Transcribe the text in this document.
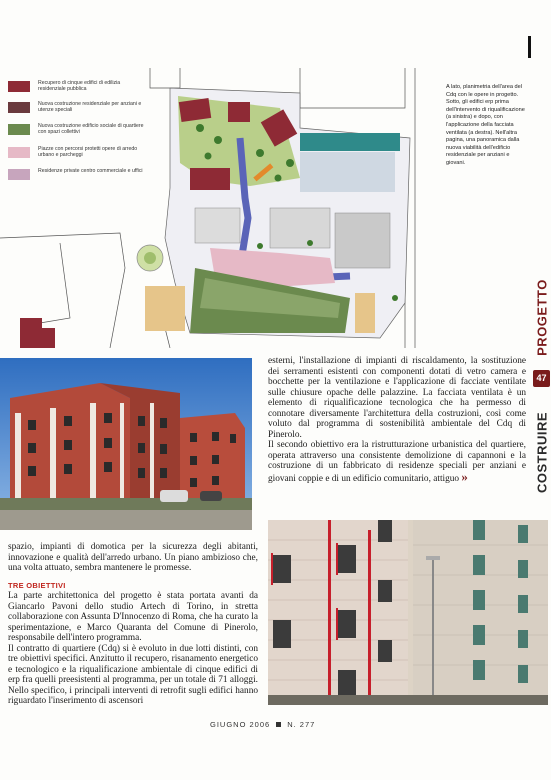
Recupero di cinque edifici di edilizia residenziale pubblica
Nuova costruzione residenziale per anziani e utenze speciali
Nuova costruzione edificio sociale di quartiere con spazi collettivi
Piazze con percorsi protetti opere di arredo urbano e parcheggi
Residenze private centro commerciale e uffici
A lato, planimetria dell'area del Cdq con le opere in progetto. Sotto, gli edifici erp prima dell'intervento di riqualificazione (a sinistra) e dopo, con l'applicazione della facciata ventilata (a destra). Nell'altra pagina, una panoramica dalla nuova viabilità dell'edificio residenziale per anziani e giovani.
PROGETTO
47
COSTRUIRE
esterni, l'installazione di impianti di riscaldamento, la sostituzione dei serramenti esistenti con componenti dotati di vetro camera e bocchette per la ventilazione e l'applicazione di facciate ventilate sulle chiusure opache delle palazzine. La facciata ventilata è un elemento di riqualificazione tecnologica che ha permesso di connotare diversamente l'architettura della costruzioni, così come voluto dal programma di sostenibilità ambientale del Cdq di Pinerolo.
Il secondo obiettivo era la ristrutturazione urbanistica del quartiere, operata attraverso una consistente demolizione di capannoni e la costruzione di un fabbricato di residenze speciali per anziani e giovani coppie e di un edificio comunitario, attiguo »
spazio, impianti di domotica per la sicurezza degli abitanti, innovazione e qualità dell'arredo urbano. Un piano ambizioso che, una volta attuato, sembra mantenere le promesse.
TRE OBIETTIVI
La parte architettonica del progetto è stata portata avanti da Giancarlo Pavoni dello studio Artech di Torino, in stretta collaborazione con Assunta D'Innocenzo di Roma, che ha curato la sperimentazione, e Marco Quaranta del Comune di Pinerolo, responsabile dell'intero programma.
Il contratto di quartiere (Cdq) si è evoluto in due lotti distinti, con tre obiettivi specifici. Anzitutto il recupero, risanamento energetico e tecnologico e la riqualificazione ambientale di cinque edifici di erp fra quelli preesistenti al programma, per un totale di 71 alloggi. Nello specifico, i principali interventi di retrofit sugli edifici hanno riguardato l'inserimento di ascensori
GIUGNO 2006 N. 277
